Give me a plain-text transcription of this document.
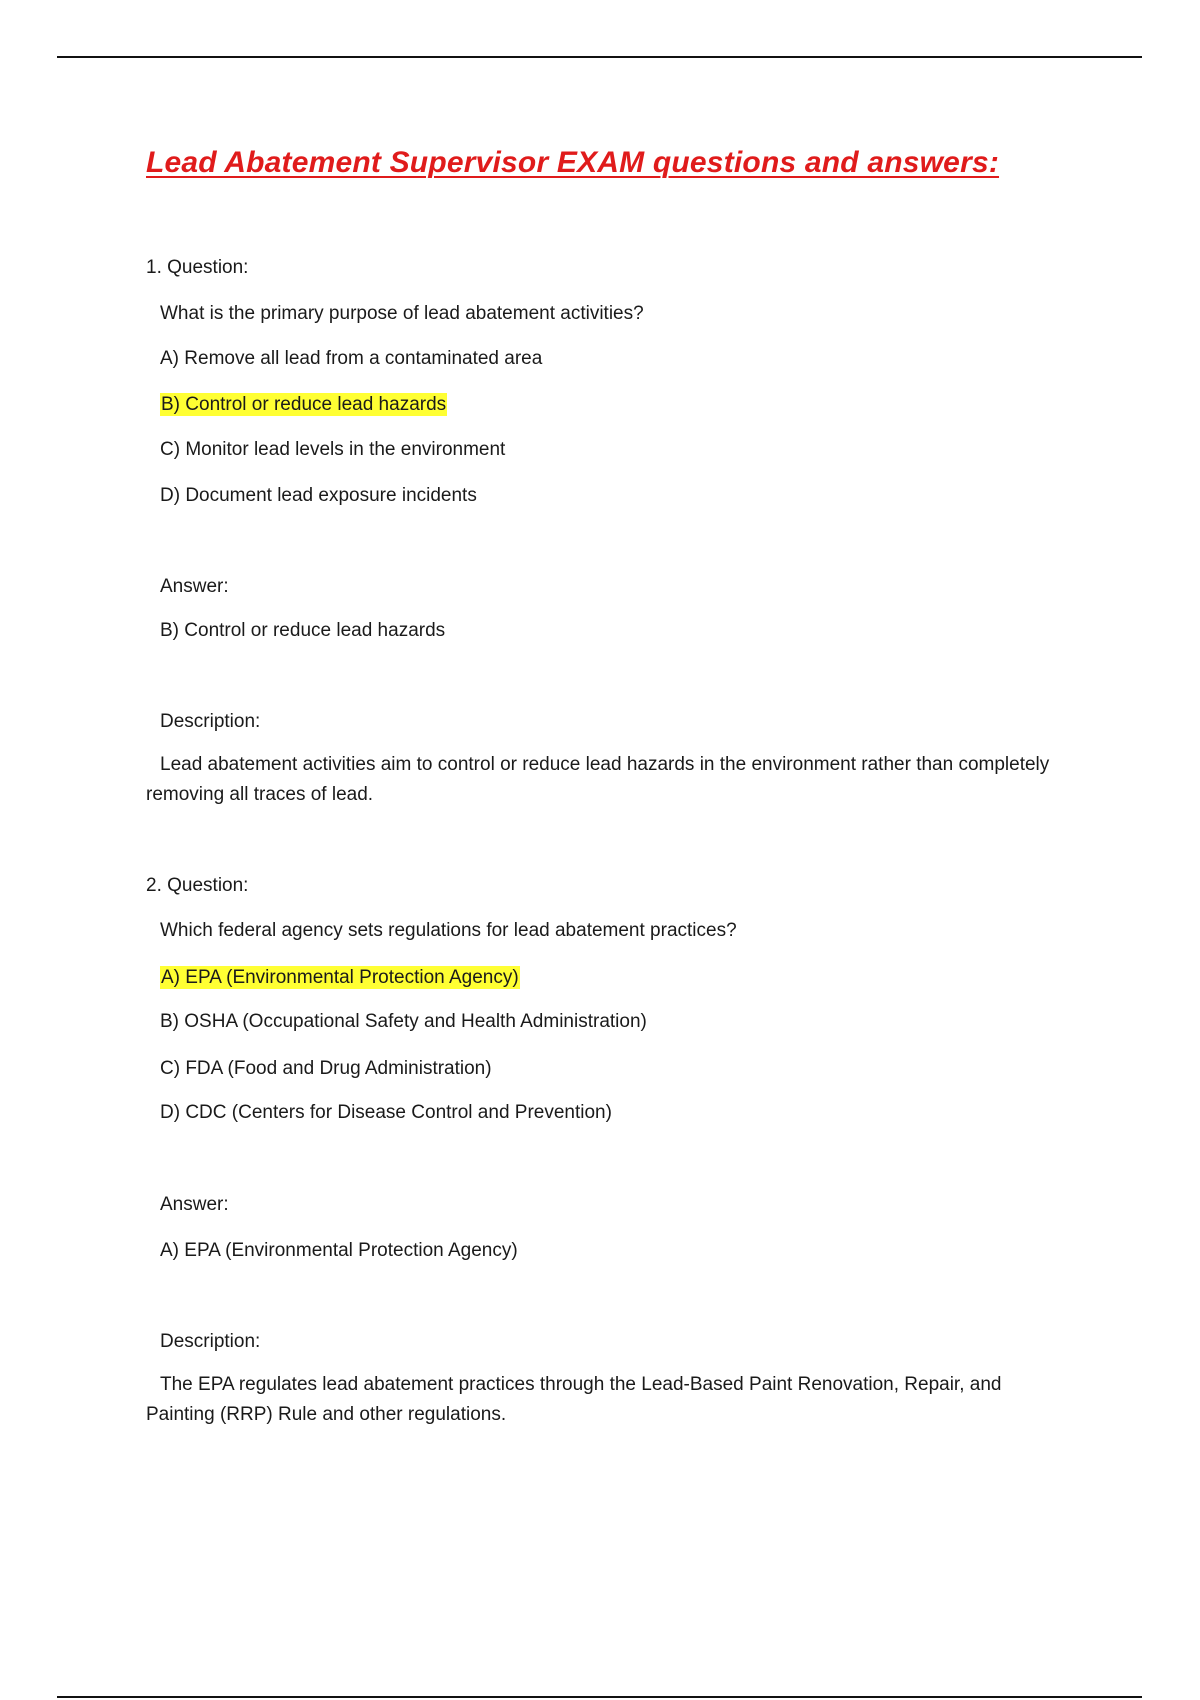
Lead Abatement Supervisor EXAM questions and answers:

1. Question:

What is the primary purpose of lead abatement activities?

A) Remove all lead from a contaminated area

B) Control or reduce lead hazards

C) Monitor lead levels in the environment

D) Document lead exposure incidents

Answer:

B) Control or reduce lead hazards

Description:

Lead abatement activities aim to control or reduce lead hazards in the environment rather than completely removing all traces of lead.

2. Question:

Which federal agency sets regulations for lead abatement practices?

A) EPA (Environmental Protection Agency)

B) OSHA (Occupational Safety and Health Administration)

C) FDA (Food and Drug Administration)

D) CDC (Centers for Disease Control and Prevention)

Answer:

A) EPA (Environmental Protection Agency)

Description:

The EPA regulates lead abatement practices through the Lead-Based Paint Renovation, Repair, and Painting (RRP) Rule and other regulations.
